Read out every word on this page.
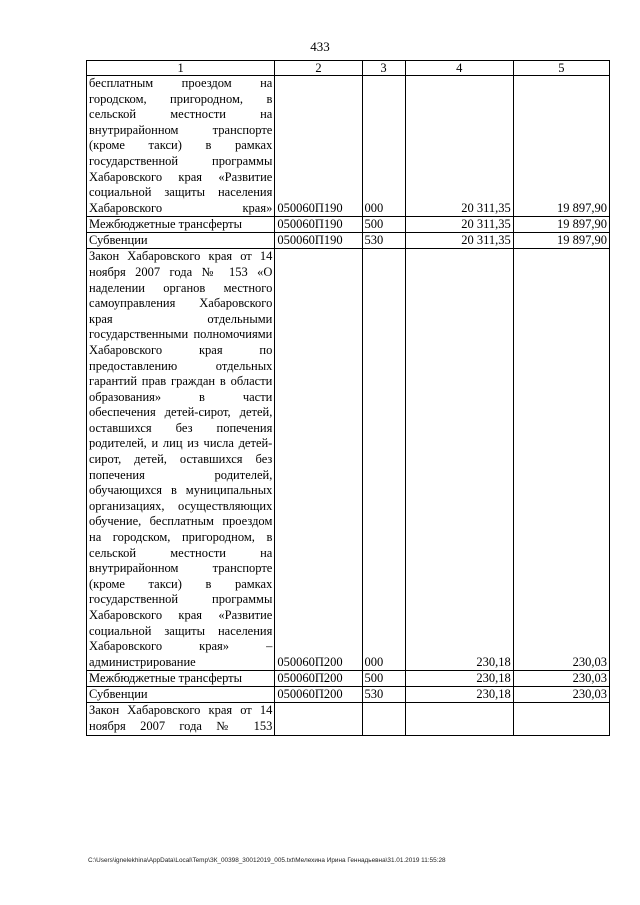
433
1	2	3	4	5
бесплатным проездом на городском, пригородном, в сельской местности на внутрирайонном транспорте (кроме такси) в рамках государственной программы Хабаровского края «Развитие социальной защиты населения Хабаровского края»	050060П190	000	20 311,35	19 897,90
Межбюджетные трансферты	050060П190	500	20 311,35	19 897,90
Субвенции	050060П190	530	20 311,35	19 897,90
Закон Хабаровского края от 14 ноября 2007 года № 153 «О наделении органов местного самоуправления Хабаровского края отдельными государственными полномочиями Хабаровского края по предоставлению отдельных гарантий прав граждан в области образования» в части обеспечения детей-сирот, детей, оставшихся без попечения родителей, и лиц из числа детей-сирот, детей, оставшихся без попечения родителей, обучающихся в муниципальных организациях, осуществляющих обучение, бесплатным проездом на городском, пригородном, в сельской местности на внутрирайонном транспорте (кроме такси) в рамках государственной программы Хабаровского края «Развитие социальной защиты населения Хабаровского края» – администрирование	050060П200	000	230,18	230,03
Межбюджетные трансферты	050060П200	500	230,18	230,03
Субвенции	050060П200	530	230,18	230,03
Закон Хабаровского края от 14 ноября 2007 года № 153				
C:\Users\ignelekhina\AppData\Local\Temp\ЗК_00398_30012019_005.txt\Мелехина Ирина Геннадьевна\31.01.2019 11:55:28
